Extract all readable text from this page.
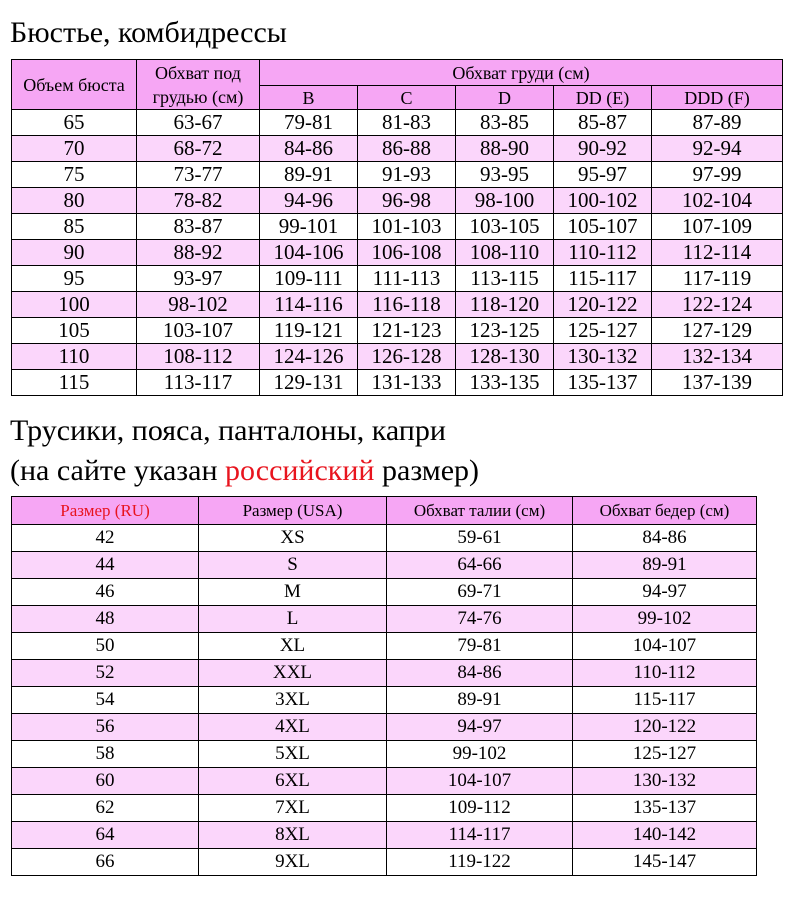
Бюстье, комбидрессы
Объем бюста	Обхват под грудью (см)	Обхват груди (см)				
		B	C	D	DD (E)	DDD (F)
65	63-67	79-81	81-83	83-85	85-87	87-89
70	68-72	84-86	86-88	88-90	90-92	92-94
75	73-77	89-91	91-93	93-95	95-97	97-99
80	78-82	94-96	96-98	98-100	100-102	102-104
85	83-87	99-101	101-103	103-105	105-107	107-109
90	88-92	104-106	106-108	108-110	110-112	112-114
95	93-97	109-111	111-113	113-115	115-117	117-119
100	98-102	114-116	116-118	118-120	120-122	122-124
105	103-107	119-121	121-123	123-125	125-127	127-129
110	108-112	124-126	126-128	128-130	130-132	132-134
115	113-117	129-131	131-133	133-135	135-137	137-139
Трусики, пояса, панталоны, капри
(на сайте указан российский размер)
Размер (RU)	Размер (USA)	Обхват талии (см)	Обхват бедер (см)
42	XS	59-61	84-86
44	S	64-66	89-91
46	M	69-71	94-97
48	L	74-76	99-102
50	XL	79-81	104-107
52	XXL	84-86	110-112
54	3XL	89-91	115-117
56	4XL	94-97	120-122
58	5XL	99-102	125-127
60	6XL	104-107	130-132
62	7XL	109-112	135-137
64	8XL	114-117	140-142
66	9XL	119-122	145-147
